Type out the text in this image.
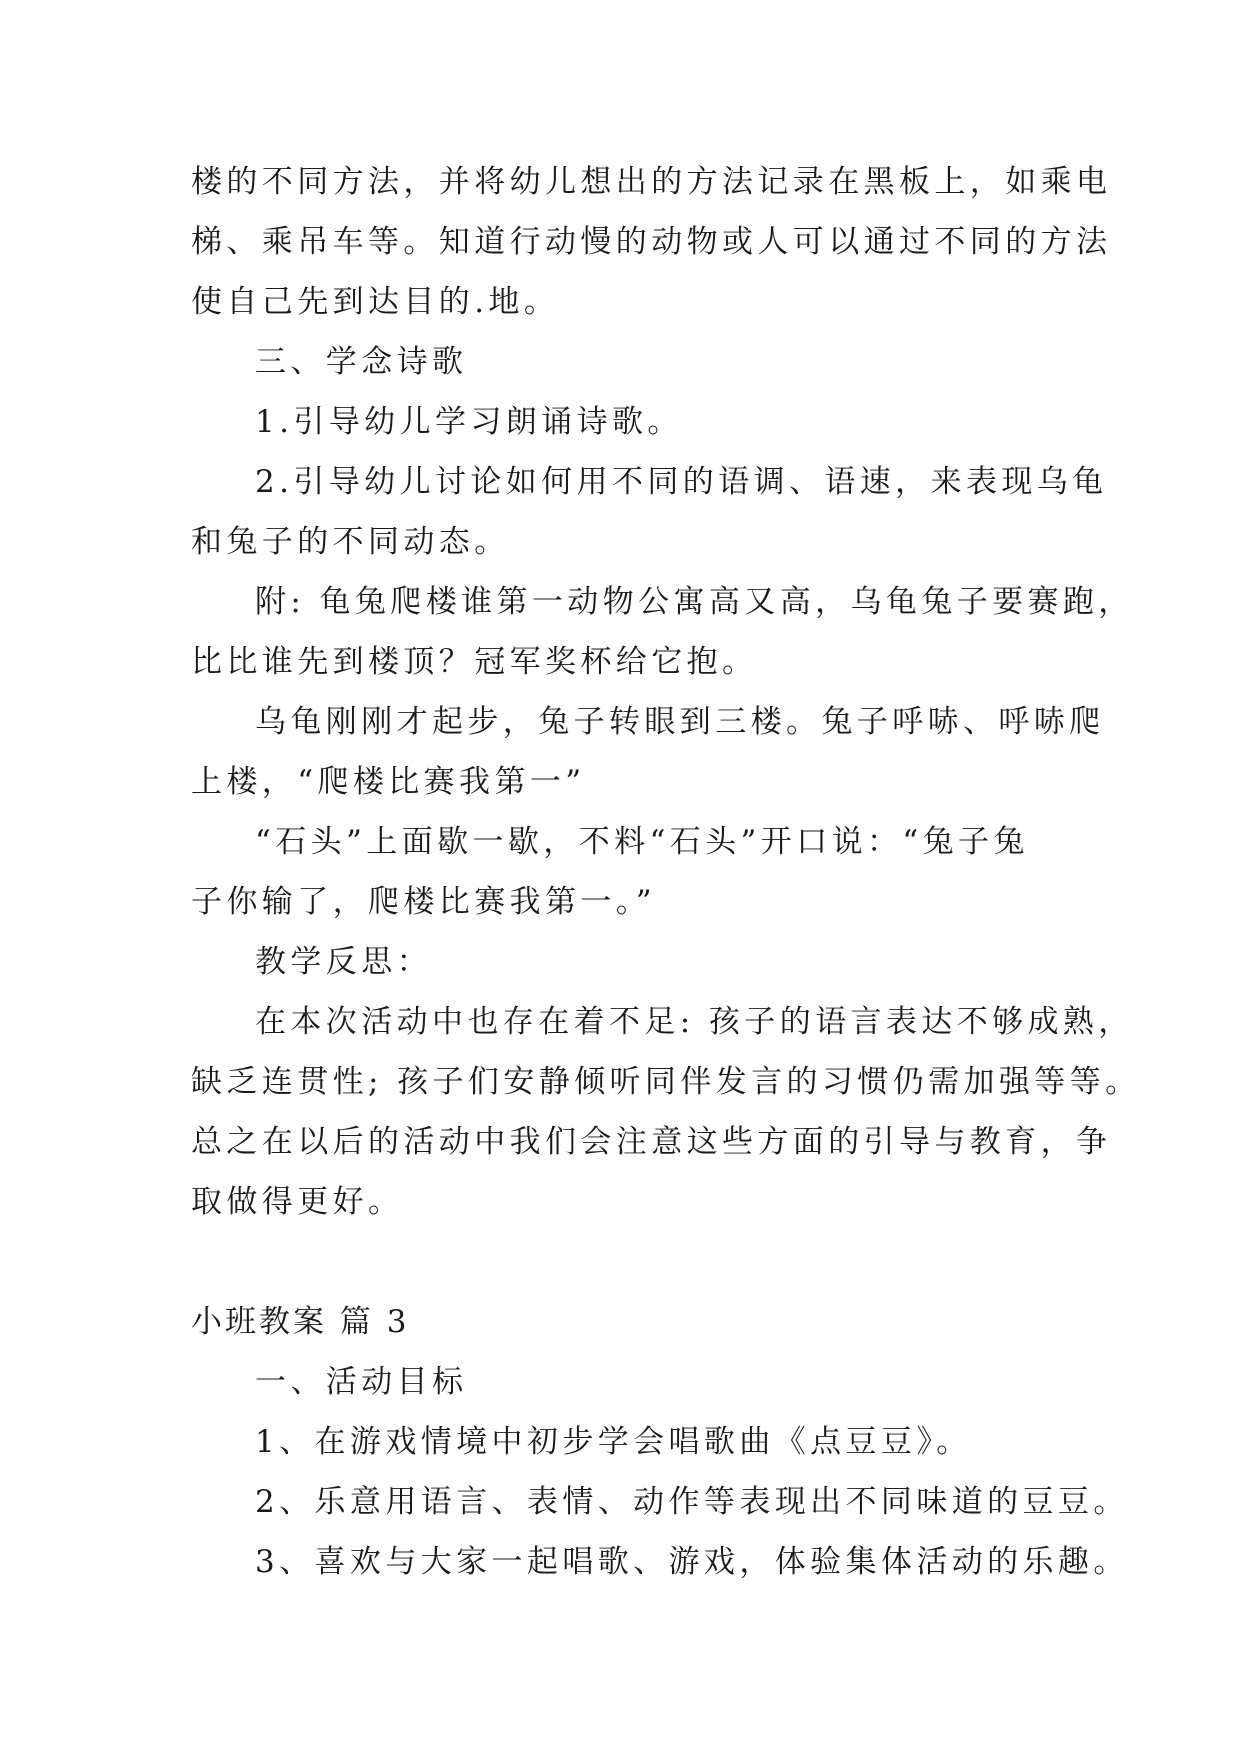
楼的不同方法，并将幼儿想出的方法记录在黑板上，如乘电
梯、乘吊车等。知道行动慢的动物或人可以通过不同的方法
使自己先到达目的.地。
三、学念诗歌
1.引导幼儿学习朗诵诗歌。
2.引导幼儿讨论如何用不同的语调、语速，来表现乌龟
和兔子的不同动态。
附: 龟兔爬楼谁第一动物公寓高又高，乌龟兔子要赛跑，
比比谁先到楼顶？冠军奖杯给它抱。
乌龟刚刚才起步，兔子转眼到三楼。兔子呼哧、呼哧爬
上楼，“爬楼比赛我第一”
“石头”上面歇一歇，不料“石头”开口说：“兔子兔
子你输了，爬楼比赛我第一。”
教学反思：
在本次活动中也存在着不足: 孩子的语言表达不够成熟，
缺乏连贯性; 孩子们安静倾听同伴发言的习惯仍需加强等等。
总之在以后的活动中我们会注意这些方面的引导与教育，争
取做得更好。
小班教案 篇 3
一、活动目标
1、在游戏情境中初步学会唱歌曲《点豆豆》。
2、乐意用语言、表情、动作等表现出不同味道的豆豆。
3、喜欢与大家一起唱歌、游戏，体验集体活动的乐趣。
